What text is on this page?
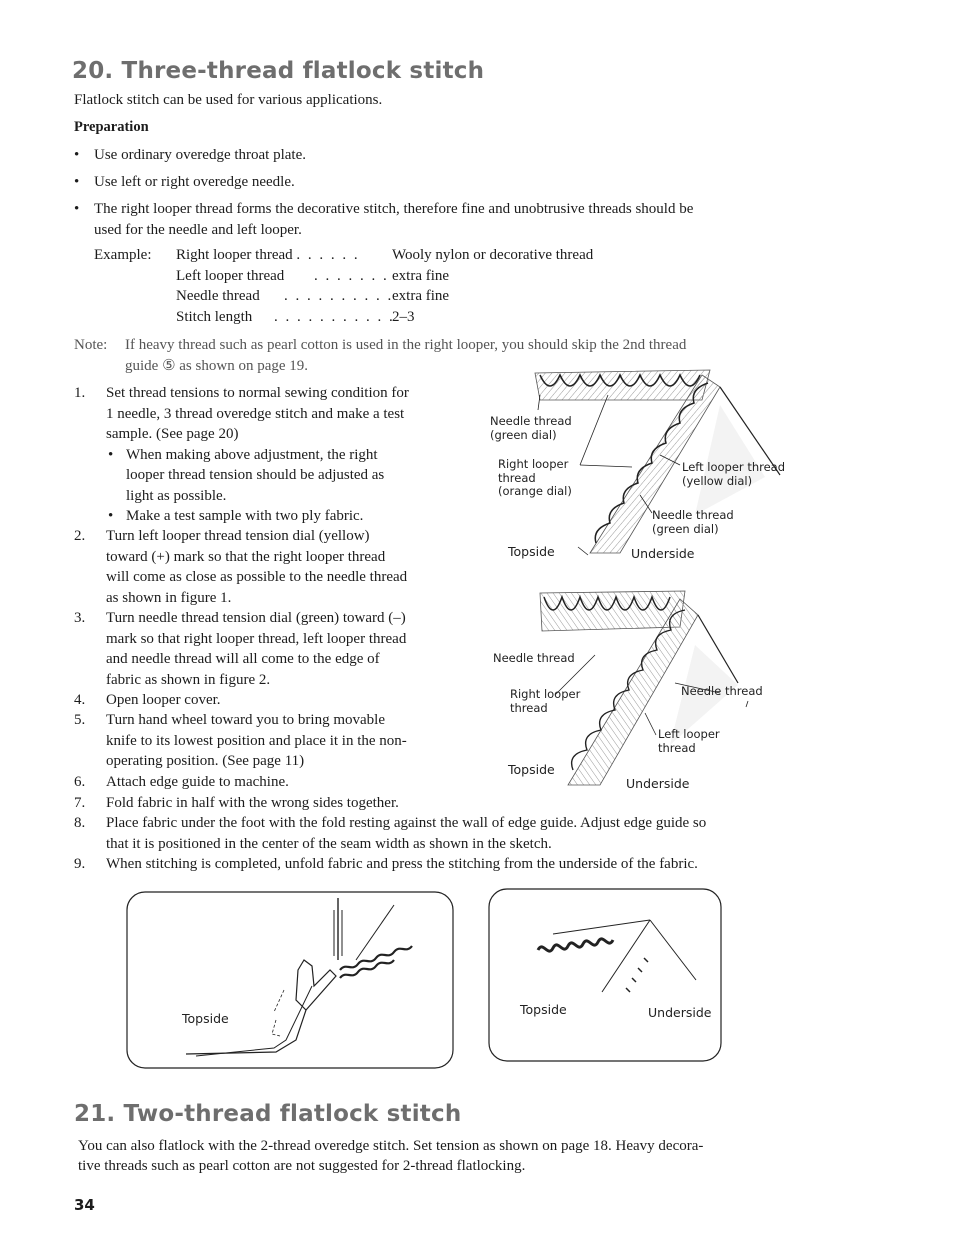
20. Three-thread flatlock stitch
Flatlock stitch can be used for various applications.
Preparation
• Use ordinary overedge throat plate.
• Use left or right overedge needle.
• The right looper thread forms the decorative stitch, therefore fine and unobtrusive threads should be
used for the needle and left looper.
Example: Right looper thread . . . . . . Wooly nylon or decorative thread
Left looper thread . . . . . . . extra fine
Needle thread . . . . . . . . . .
extra fine
Stitch length . . . . . . . . . . .
2–3
Note: If heavy thread such as pearl cotton is used in the right looper, you should skip the 2nd thread
guide ⑤ as shown on page 19.
1. Set thread tensions to normal sewing condition for
1 needle, 3 thread overedge stitch and make a test
sample. (See page 20)
• When making above adjustment, the right
looper thread tension should be adjusted as
light as possible.
• Make a test sample with two ply fabric.
2. Turn left looper thread tension dial (yellow)
toward (+) mark so that the right looper thread
will come as close as possible to the needle thread
as shown in figure 1.
3. Turn needle thread tension dial (green) toward (–)
mark so that right looper thread, left looper thread
and needle thread will all come to the edge of
fabric as shown in figure 2.
4. Open looper cover.
5. Turn hand wheel toward you to bring movable
knife to its lowest position and place it in the non-
operating position. (See page 11)
6. Attach edge guide to machine.
7. Fold fabric in half with the wrong sides together.
8. Place fabric under the foot with the fold resting against the wall of edge guide. Adjust edge guide so
that it is positioned in the center of the seam width as shown in the sketch.
9. When stitching is completed, unfold fabric and press the stitching from the underside of the fabric.
Needle thread
(green dial)
Right looper
thread
(orange dial)
Left looper thread
(yellow dial)
Needle thread
(green dial)
Topside	Underside
Needle thread
Right looper
thread
Needle thread
Left looper
thread
Topside
Underside
Topside
Topside	Underside
21. Two-thread flatlock stitch
You can also flatlock with the 2-thread overedge stitch. Set tension as shown on page 18. Heavy decora-
tive threads such as pearl cotton are not suggested for 2-thread flatlocking.
34
